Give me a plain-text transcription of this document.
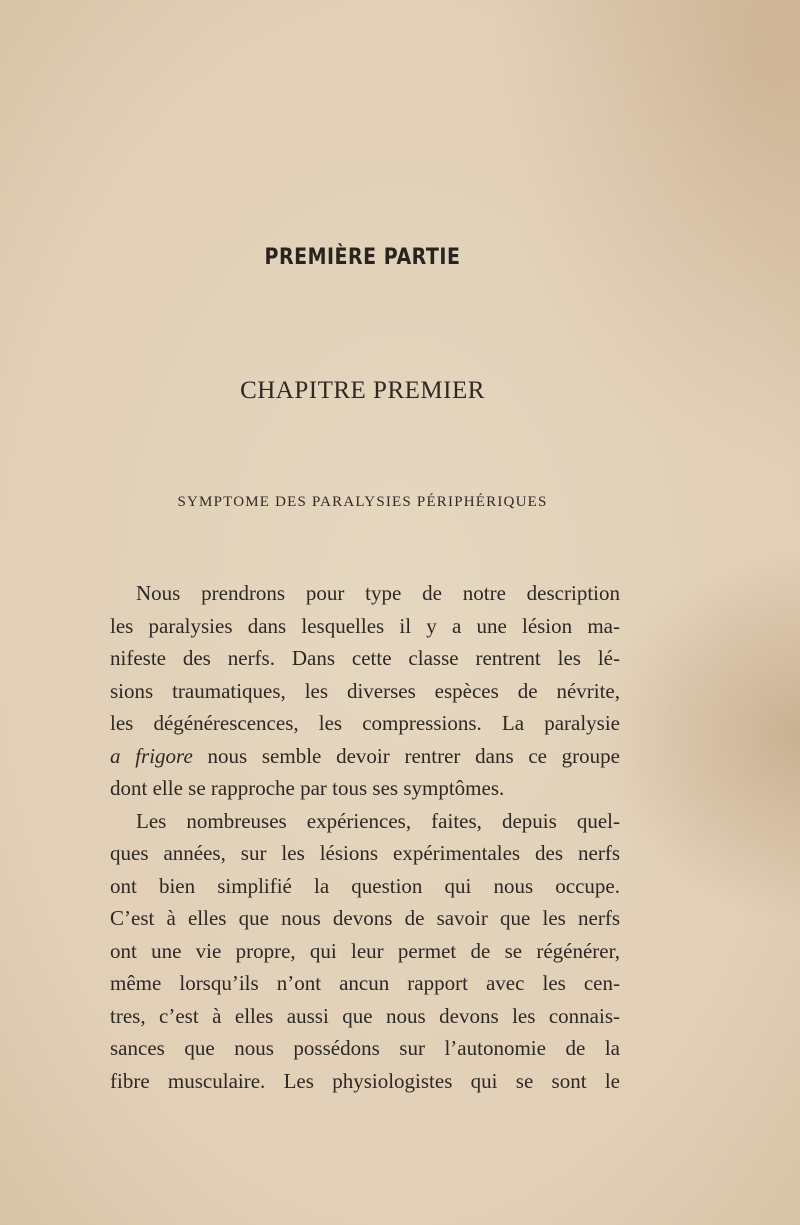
PREMIÈRE PARTIE
CHAPITRE PREMIER
SYMPTOME DES PARALYSIES PÉRIPHÉRIQUES
Nous prendrons pour type de notre description
les paralysies dans lesquelles il y a une lésion ma-
nifeste des nerfs. Dans cette classe rentrent les lé-
sions traumatiques, les diverses espèces de névrite,
les dégénérescences, les compressions. La paralysie
a frigore nous semble devoir rentrer dans ce groupe
dont elle se rapproche par tous ses symptômes.
Les nombreuses expériences, faites, depuis quel-
ques années, sur les lésions expérimentales des nerfs
ont bien simplifié la question qui nous occupe.
C’est à elles que nous devons de savoir que les nerfs
ont une vie propre, qui leur permet de se régénérer,
même lorsqu’ils n’ont ancun rapport avec les cen-
tres, c’est à elles aussi que nous devons les connais-
sances que nous possédons sur l’autonomie de la
fibre musculaire. Les physiologistes qui se sont le
